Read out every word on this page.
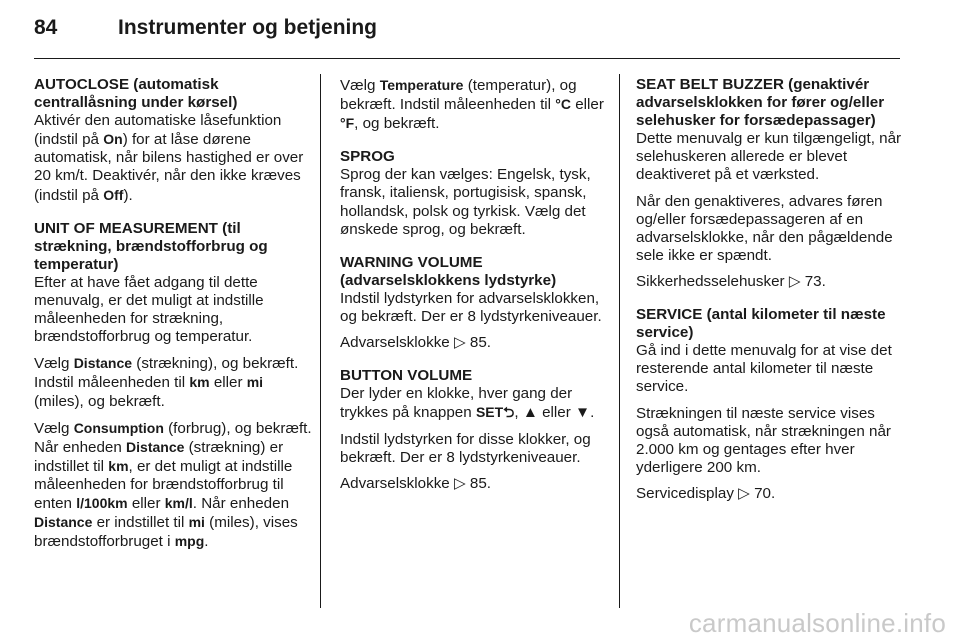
84	Instrumenter og betjening

AUTOCLOSE (automatisk centrallåsning under kørsel)

Aktivér den automatiske låsefunktion (indstil på On) for at låse dørene automatisk, når bilens hastighed er over 20 km/t. Deaktivér, når den ikke kræves (indstil på Off).

UNIT OF MEASUREMENT (til strækning, brændstofforbrug og temperatur)

Efter at have fået adgang til dette menuvalg, er det muligt at indstille måleenheden for strækning, brændstofforbrug og temperatur.

Vælg Distance (strækning), og bekræft. Indstil måleenheden til km eller mi (miles), og bekræft.

Vælg Consumption (forbrug), og bekræft. Når enheden Distance (strækning) er indstillet til km, er det muligt at indstille måleenheden for brændstofforbrug til enten l/100km eller km/l. Når enheden Distance er indstillet til mi (miles), vises brændstofforbruget i mpg.

Vælg Temperature (temperatur), og bekræft. Indstil måleenheden til °C eller °F, og bekræft.

SPROG

Sprog der kan vælges: Engelsk, tysk, fransk, italiensk, portugisisk, spansk, hollandsk, polsk og tyrkisk. Vælg det ønskede sprog, og bekræft.

WARNING VOLUME (advarselsklokkens lydstyrke)

Indstil lydstyrken for advarselsklokken, og bekræft. Der er 8 lydstyrkeniveauer.

Advarselsklokke ▷ 85.

BUTTON VOLUME

Der lyder en klokke, hver gang der trykkes på knappen SET⮌, ▲ eller ▼.

Indstil lydstyrken for disse klokker, og bekræft. Der er 8 lydstyrkeniveauer.

Advarselsklokke ▷ 85.

SEAT BELT BUZZER (genaktivér advarselsklokken for fører og/eller selehusker for forsædepassager)

Dette menuvalg er kun tilgængeligt, når selehuskeren allerede er blevet deaktiveret på et værksted.

Når den genaktiveres, advares føren og/eller forsædepassageren af en advarselsklokke, når den pågældende sele ikke er spændt.

Sikkerhedsselehusker ▷ 73.

SERVICE (antal kilometer til næste service)

Gå ind i dette menuvalg for at vise det resterende antal kilometer til næste service.

Strækningen til næste service vises også automatisk, når strækningen når 2.000 km og gentages efter hver yderligere 200 km.

Servicedisplay ▷ 70.

carmanualsonline.info
